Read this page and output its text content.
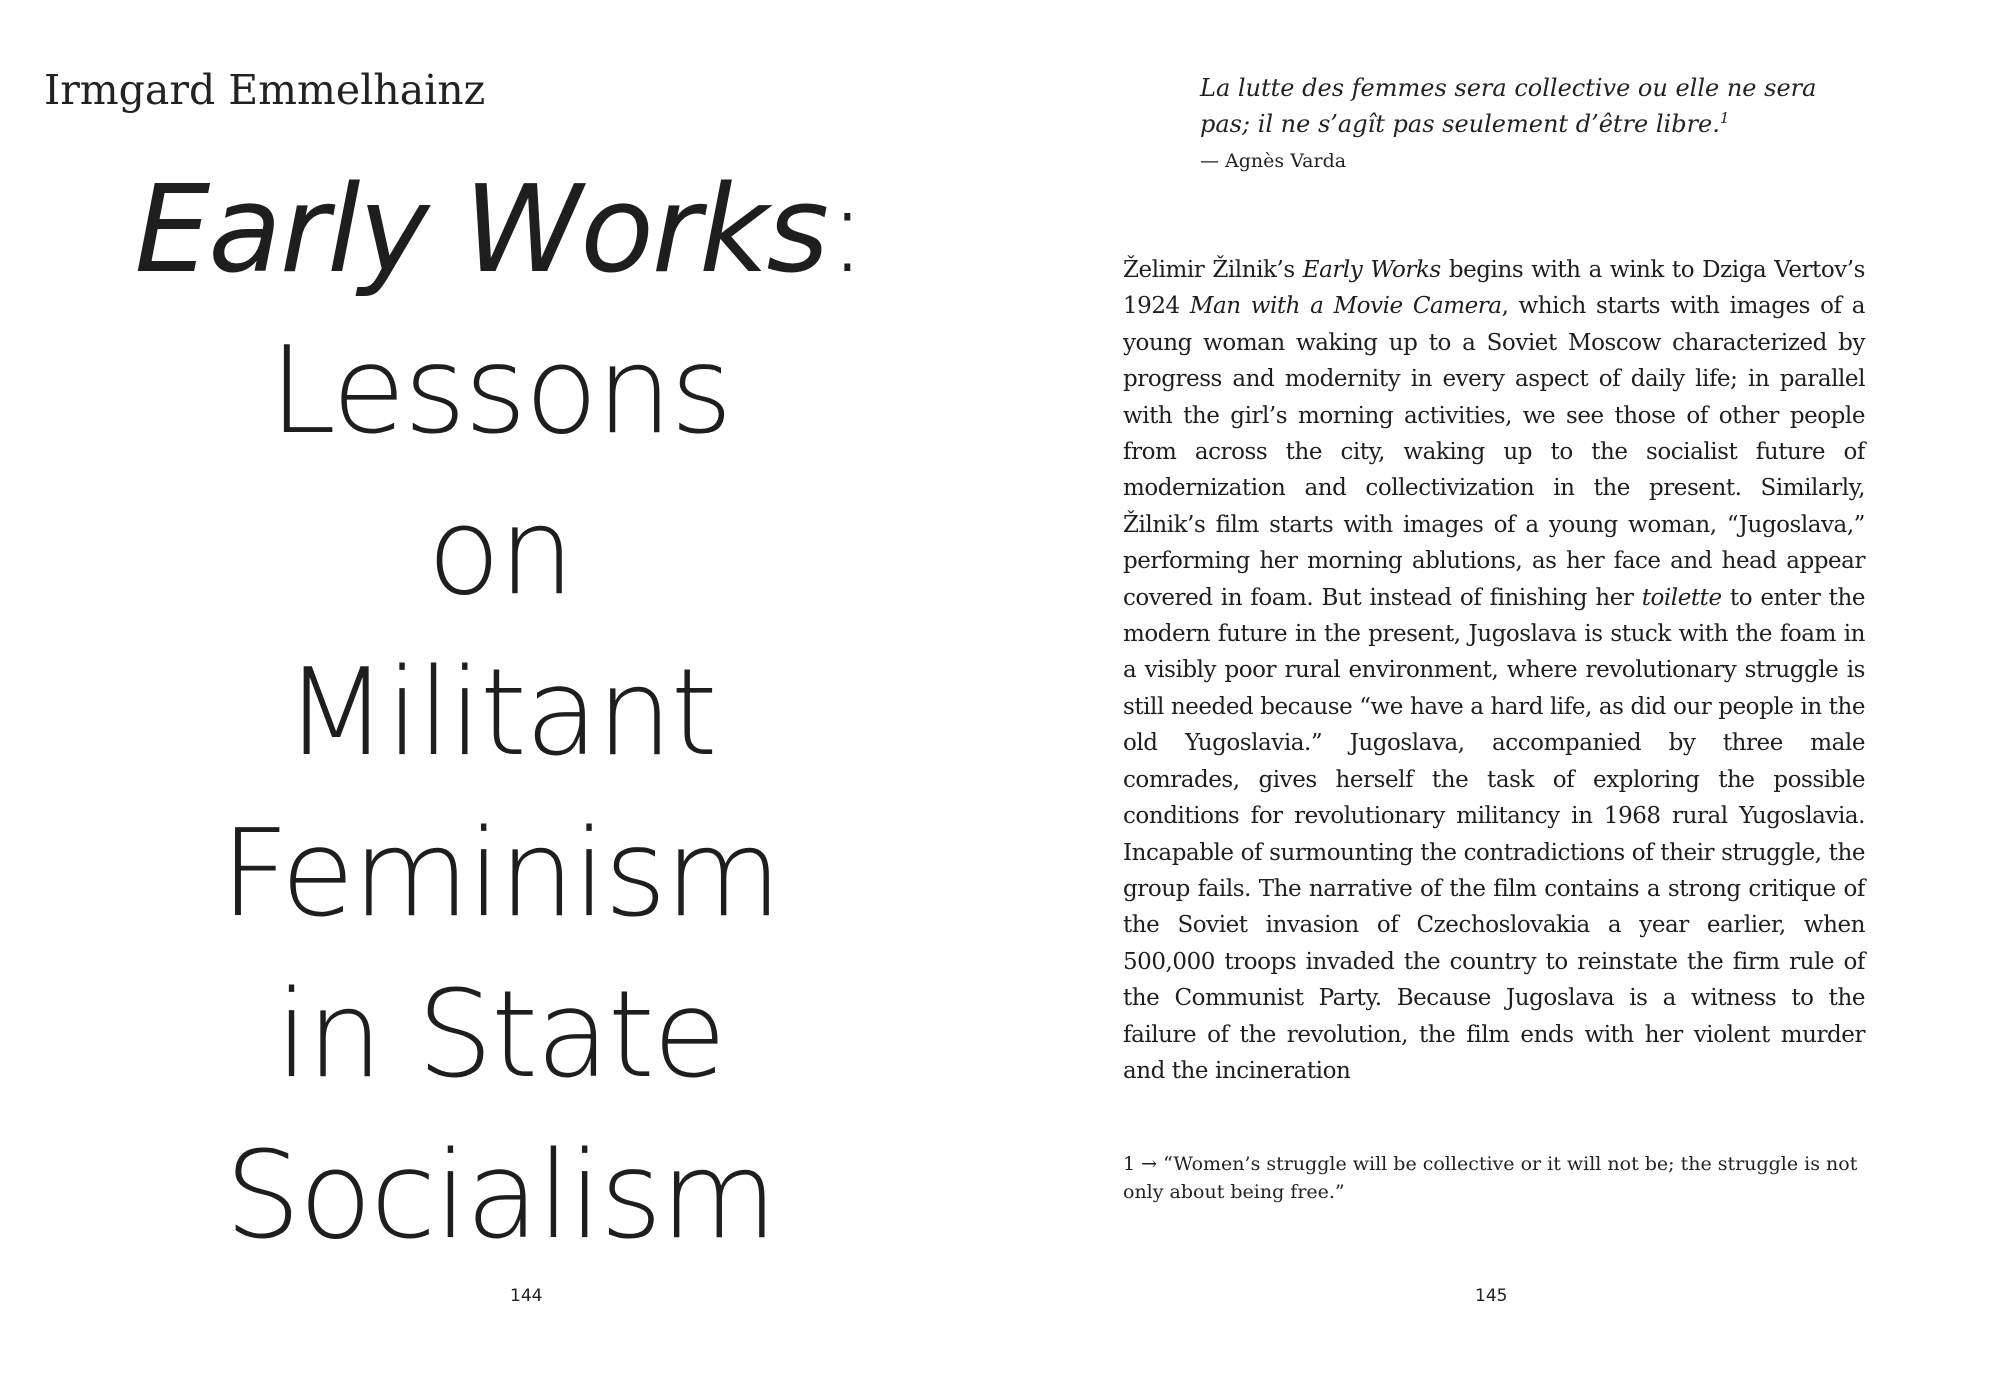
Irmgard Emmelhainz
Early Works:
Lessons
on
Militant
Feminism
in State
Socialism
144
La lutte des femmes sera collective ou elle ne sera pas; il ne s’agît pas seulement d’être libre.$^1$
— Agnès Varda

Želimir Žilnik’s Early Works begins with a wink to Dziga Vertov’s 1924 Man with a Movie Camera, which starts with images of a young woman waking up to a Soviet Moscow characterized by progress and modernity in every aspect of daily life; in parallel with the girl’s morning activities, we see those of other people from across the city, waking up to the socialist future of modernization and collectivization in the present. Similarly, Žilnik’s film starts with images of a young woman, “Jugoslava,” performing her morning ablutions, as her face and head appear covered in foam. But instead of finishing her toilette to enter the modern future in the present, Jugoslava is stuck with the foam in a visibly poor rural environment, where revolutionary struggle is still needed because “we have a hard life, as did our people in the old Yugoslavia.” Jugoslava, accompanied by three male comrades, gives herself the task of exploring the possible conditions for revolutionary militancy in 1968 rural Yugoslavia. Incapable of surmounting the contradictions of their struggle, the group fails. The narrative of the film contains a strong critique of the Soviet invasion of Czechoslovakia a year earlier, when 500,000 troops invaded the country to reinstate the firm rule of the Communist Party. Because Jugoslava is a witness to the failure of the revolution, the film ends with her violent murder and the incineration

1 → “Women’s struggle will be collective or it will not be; the struggle is not only about being free.”
145
